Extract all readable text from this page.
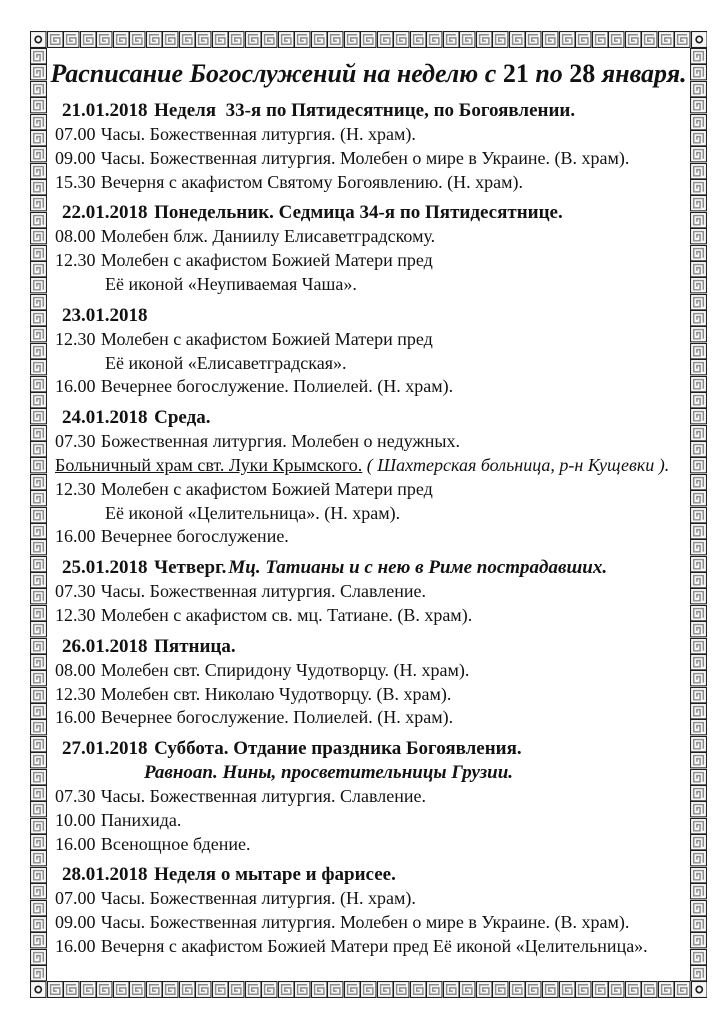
Расписание Богослужений на неделю с 21 по 28 января.
21.01.2018 Неделя  33-я по Пятидесятнице, по Богоявлении.
07.00 Часы. Божественная литургия. (Н. храм).
09.00 Часы. Божественная литургия. Молебен о мире в Украине. (В. храм).
15.30 Вечерня с акафистом Святому Богоявлению. (Н. храм).
22.01.2018 Понедельник. Седмица 34-я по Пятидесятнице.
08.00 Молебен блж. Даниилу Елисаветградскому.
12.30 Молебен с акафистом Божией Матери пред
Её иконой «Неупиваемая Чаша».
23.01.2018
12.30 Молебен с акафистом Божией Матери пред
Её иконой «Елисаветградская».
16.00 Вечернее богослужение. Полиелей. (Н. храм).
24.01.2018 Среда.
07.30 Божественная литургия. Молебен о недужных.
Больничный храм свт. Луки Крымского. ( Шахтерская больница, р-н Кущевки ).
12.30 Молебен с акафистом Божией Матери пред
Её иконой «Целительница». (Н. храм).
16.00 Вечернее богослужение.
25.01.2018 Четверг. Мц. Татианы и с нею в Риме пострадавших.
07.30 Часы. Божественная литургия. Славление.
12.30 Молебен с акафистом св. мц. Татиане. (В. храм).
26.01.2018 Пятница.
08.00 Молебен свт. Спиридону Чудотворцу. (Н. храм).
12.30 Молебен свт. Николаю Чудотворцу. (В. храм).
16.00 Вечернее богослужение. Полиелей. (Н. храм).
27.01.2018 Суббота. Отдание праздника Богоявления.
Равноап. Нины, просветительницы Грузии.
07.30 Часы. Божественная литургия. Славление.
10.00 Панихида.
16.00 Всенощное бдение.
28.01.2018 Неделя о мытаре и фарисее.
07.00 Часы. Божественная литургия. (Н. храм).
09.00 Часы. Божественная литургия. Молебен о мире в Украине. (В. храм).
16.00 Вечерня с акафистом Божией Матери пред Её иконой «Целительница».
